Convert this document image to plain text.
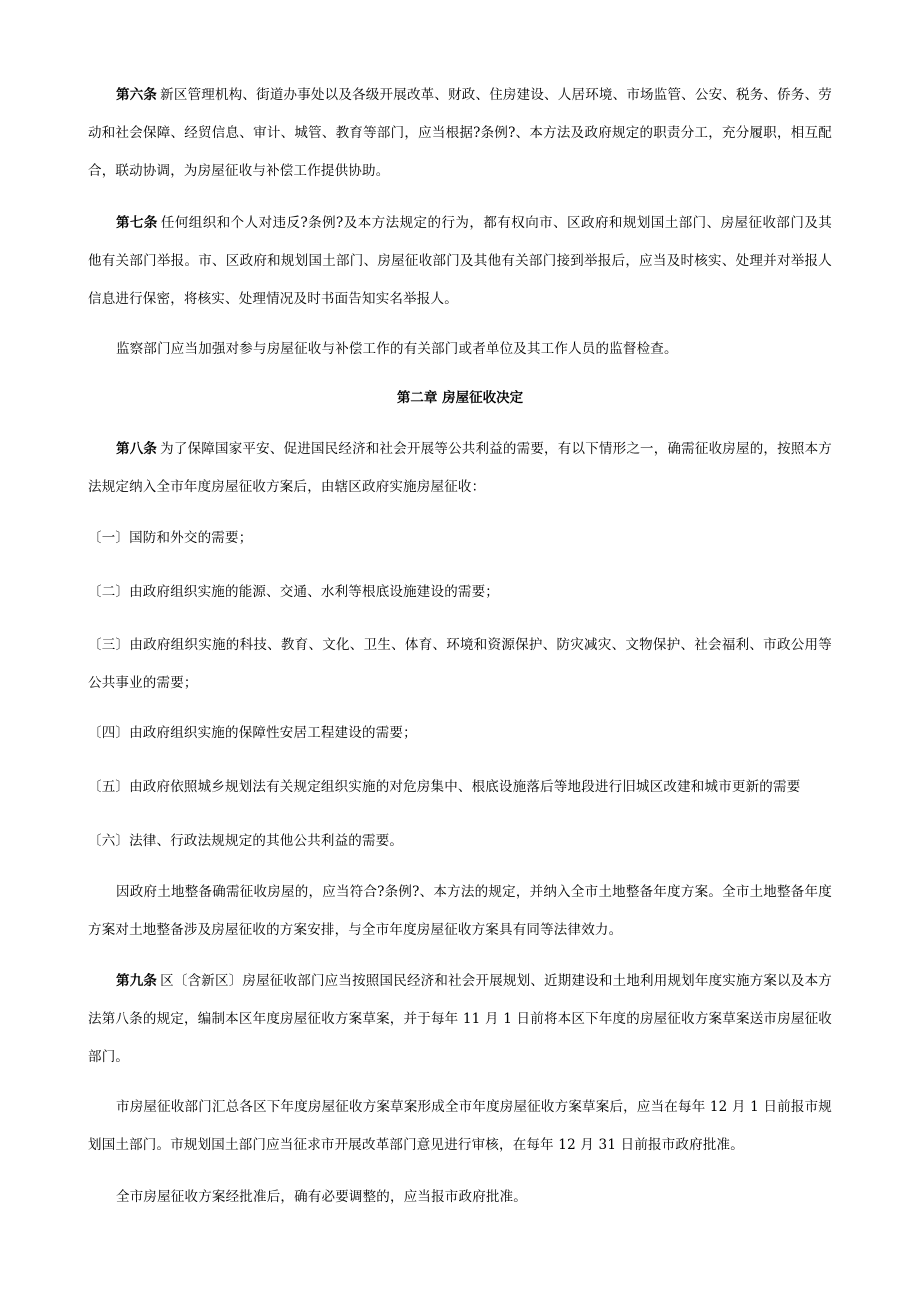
第六条 新区管理机构、街道办事处以及各级开展改革、财政、住房建设、人居环境、市场监管、公安、税务、侨务、劳动和社会保障、经贸信息、审计、城管、教育等部门，应当根据?条例?、本方法及政府规定的职责分工，充分履职，相互配合，联动协调，为房屋征收与补偿工作提供协助。

第七条 任何组织和个人对违反?条例?及本方法规定的行为，都有权向市、区政府和规划国土部门、房屋征收部门及其他有关部门举报。市、区政府和规划国土部门、房屋征收部门及其他有关部门接到举报后，应当及时核实、处理并对举报人信息进行保密，将核实、处理情况及时书面告知实名举报人。

监察部门应当加强对参与房屋征收与补偿工作的有关部门或者单位及其工作人员的监督检查。

第二章 房屋征收决定

第八条 为了保障国家平安、促进国民经济和社会开展等公共利益的需要，有以下情形之一，确需征收房屋的，按照本方法规定纳入全市年度房屋征收方案后，由辖区政府实施房屋征收：

〔一〕国防和外交的需要；

〔二〕由政府组织实施的能源、交通、水利等根底设施建设的需要；

〔三〕由政府组织实施的科技、教育、文化、卫生、体育、环境和资源保护、防灾减灾、文物保护、社会福利、市政公用等公共事业的需要；

〔四〕由政府组织实施的保障性安居工程建设的需要；

〔五〕由政府依照城乡规划法有关规定组织实施的对危房集中、根底设施落后等地段进行旧城区改建和城市更新的需要

〔六〕法律、行政法规规定的其他公共利益的需要。

因政府土地整备确需征收房屋的，应当符合?条例?、本方法的规定，并纳入全市土地整备年度方案。全市土地整备年度方案对土地整备涉及房屋征收的方案安排，与全市年度房屋征收方案具有同等法律效力。

第九条 区〔含新区〕房屋征收部门应当按照国民经济和社会开展规划、近期建设和土地利用规划年度实施方案以及本方法第八条的规定，编制本区年度房屋征收方案草案，并于每年 11 月 1 日前将本区下年度的房屋征收方案草案送市房屋征收部门。

市房屋征收部门汇总各区下年度房屋征收方案草案形成全市年度房屋征收方案草案后，应当在每年 12 月 1 日前报市规划国土部门。市规划国土部门应当征求市开展改革部门意见进行审核，在每年 12 月 31 日前报市政府批准。

全市房屋征收方案经批准后，确有必要调整的，应当报市政府批准。
